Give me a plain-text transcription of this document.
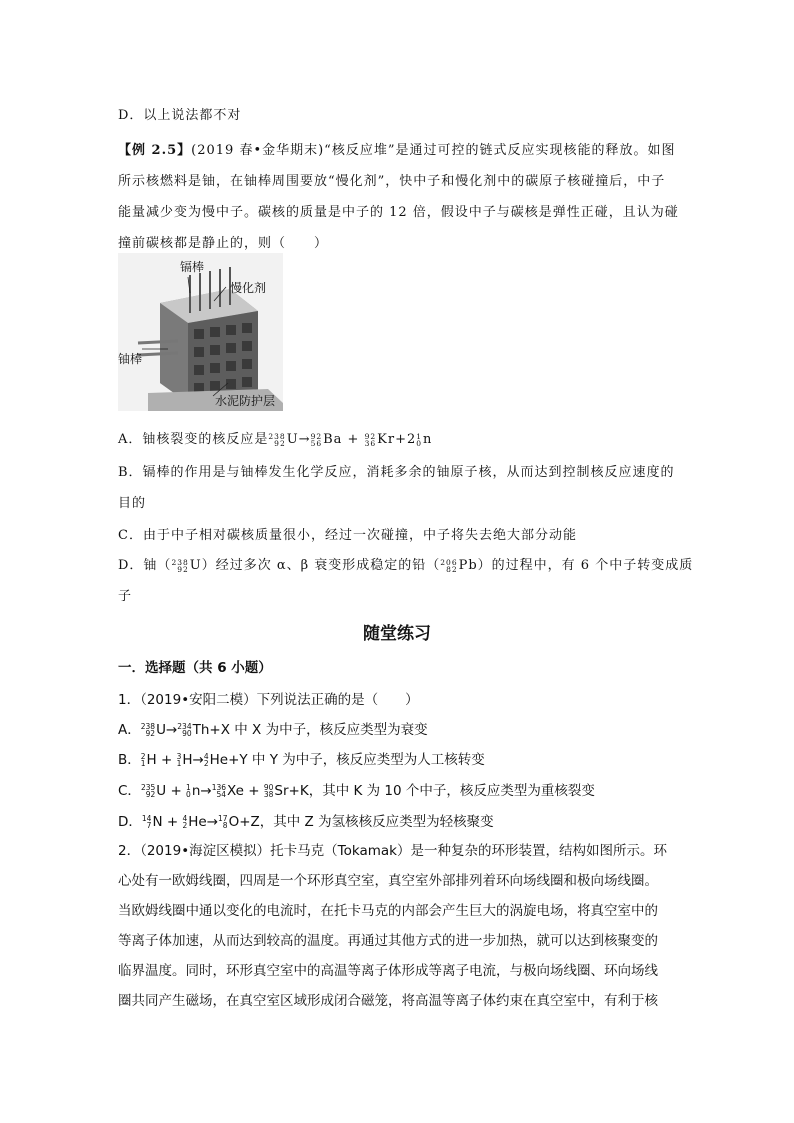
D．以上说法都不对
【例 2.5】(2019 春•金华期末)“核反应堆”是通过可控的链式反应实现核能的释放。如图
所示核燃料是铀，在铀棒周围要放“慢化剂”，快中子和慢化剂中的碳原子核碰撞后，中子
能量减少变为慢中子。碳核的质量是中子的 12 倍，假设中子与碳核是弹性正碰，且认为碰
撞前碳核都是静止的，则（　　）
镉棒
慢化剂
铀棒
水泥防护层
A．铀核裂变的核反应是 238
92 U→ 92
56 Ba + 92
36 Kr+2 1
0 n
B．镉棒的作用是与铀棒发生化学反应，消耗多余的铀原子核，从而达到控制核反应速度的
目的
C．由于中子相对碳核质量很小，经过一次碰撞，中子将失去绝大部分动能
D．铀（ 238
92 U）经过多次 α、β 衰变形成稳定的铅（ 206
82 Pb）的过程中，有 6 个中子转变成质
子
随堂练习
一．选择题（共 6 小题）
1．（2019•安阳二模）下列说法正确的是（　　）
A． 238
92 U→ 234
90 Th+X 中 X 为中子，核反应类型为衰变
B． 2
1 H + 3
1 H→ 4
2 He+Y 中 Y 为中子，核反应类型为人工核转变
C． 235
92 U + 1
0 n→ 136
54 Xe + 90
38 Sr+K，其中 K 为 10 个中子，核反应类型为重核裂变
D． 14
7 N + 4
2 He→ 17
8 O+Z，其中 Z 为氢核核反应类型为轻核聚变
2．（2019•海淀区模拟）托卡马克（Tokamak）是一种复杂的环形装置，结构如图所示。环
心处有一欧姆线圈，四周是一个环形真空室，真空室外部排列着环向场线圈和极向场线圈。
当欧姆线圈中通以变化的电流时，在托卡马克的内部会产生巨大的涡旋电场，将真空室中的
等离子体加速，从而达到较高的温度。再通过其他方式的进一步加热，就可以达到核聚变的
临界温度。同时，环形真空室中的高温等离子体形成等离子电流，与极向场线圈、环向场线
圈共同产生磁场，在真空室区域形成闭合磁笼，将高温等离子体约束在真空室中，有利于核
